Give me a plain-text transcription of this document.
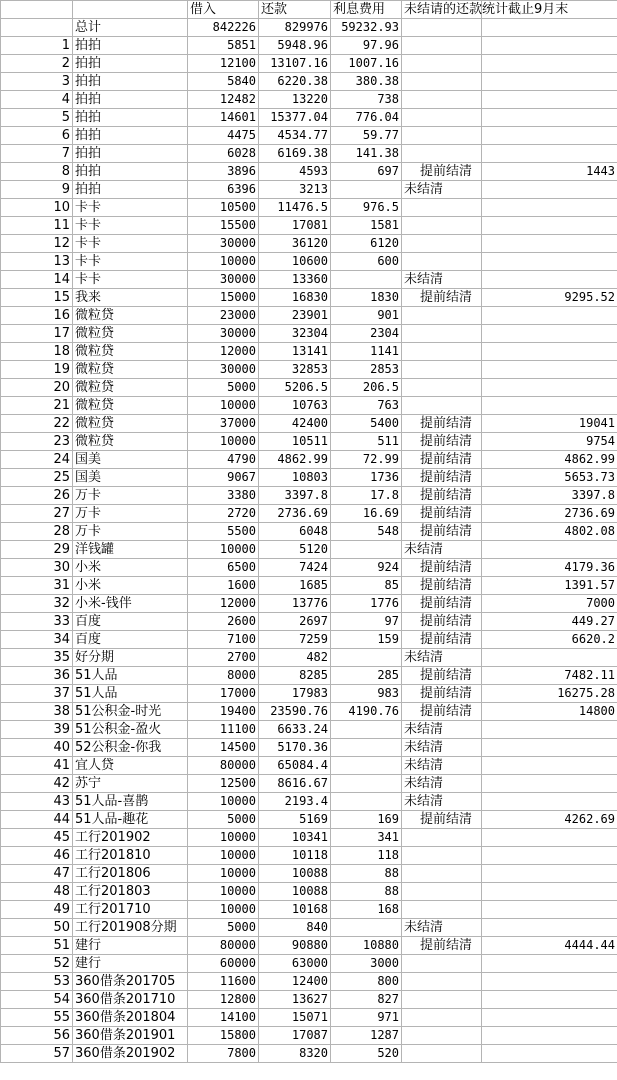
		借入	还款	利息费用	未结请的还款统计截止9月末	
	总计	842226	829976	59232.93		
1	拍拍	5851	5948.96	97.96		
2	拍拍	12100	13107.16	1007.16		
3	拍拍	5840	6220.38	380.38		
4	拍拍	12482	13220	738		
5	拍拍	14601	15377.04	776.04		
6	拍拍	4475	4534.77	59.77		
7	拍拍	6028	6169.38	141.38		
8	拍拍	3896	4593	697	提前结清	1443
9	拍拍	6396	3213		未结清	
10	卡卡	10500	11476.5	976.5		
11	卡卡	15500	17081	1581		
12	卡卡	30000	36120	6120		
13	卡卡	10000	10600	600		
14	卡卡	30000	13360		未结清	
15	我来	15000	16830	1830	提前结清	9295.52
16	微粒贷	23000	23901	901		
17	微粒贷	30000	32304	2304		
18	微粒贷	12000	13141	1141		
19	微粒贷	30000	32853	2853		
20	微粒贷	5000	5206.5	206.5		
21	微粒贷	10000	10763	763		
22	微粒贷	37000	42400	5400	提前结清	19041
23	微粒贷	10000	10511	511	提前结清	9754
24	国美	4790	4862.99	72.99	提前结清	4862.99
25	国美	9067	10803	1736	提前结清	5653.73
26	万卡	3380	3397.8	17.8	提前结清	3397.8
27	万卡	2720	2736.69	16.69	提前结清	2736.69
28	万卡	5500	6048	548	提前结清	4802.08
29	洋钱罐	10000	5120		未结清	
30	小米	6500	7424	924	提前结清	4179.36
31	小米	1600	1685	85	提前结清	1391.57
32	小米-钱伴	12000	13776	1776	提前结清	7000
33	百度	2600	2697	97	提前结清	449.27
34	百度	7100	7259	159	提前结清	6620.2
35	好分期	2700	482		未结清	
36	51人品	8000	8285	285	提前结清	7482.11
37	51人品	17000	17983	983	提前结清	16275.28
38	51公积金-时光	19400	23590.76	4190.76	提前结清	14800
39	51公积金-盈火	11100	6633.24		未结清	
40	52公积金-你我	14500	5170.36		未结清	
41	宜人贷	80000	65084.4		未结清	
42	苏宁	12500	8616.67		未结清	
43	51人品-喜鹊	10000	2193.4		未结清	
44	51人品-趣花	5000	5169	169	提前结清	4262.69
45	工行201902	10000	10341	341		
46	工行201810	10000	10118	118		
47	工行201806	10000	10088	88		
48	工行201803	10000	10088	88		
49	工行201710	10000	10168	168		
50	工行201908分期	5000	840		未结清	
51	建行	80000	90880	10880	提前结清	4444.44
52	建行	60000	63000	3000		
53	360借条201705	11600	12400	800		
54	360借条201710	12800	13627	827		
55	360借条201804	14100	15071	971		
56	360借条201901	15800	17087	1287		
57	360借条201902	7800	8320	520		
